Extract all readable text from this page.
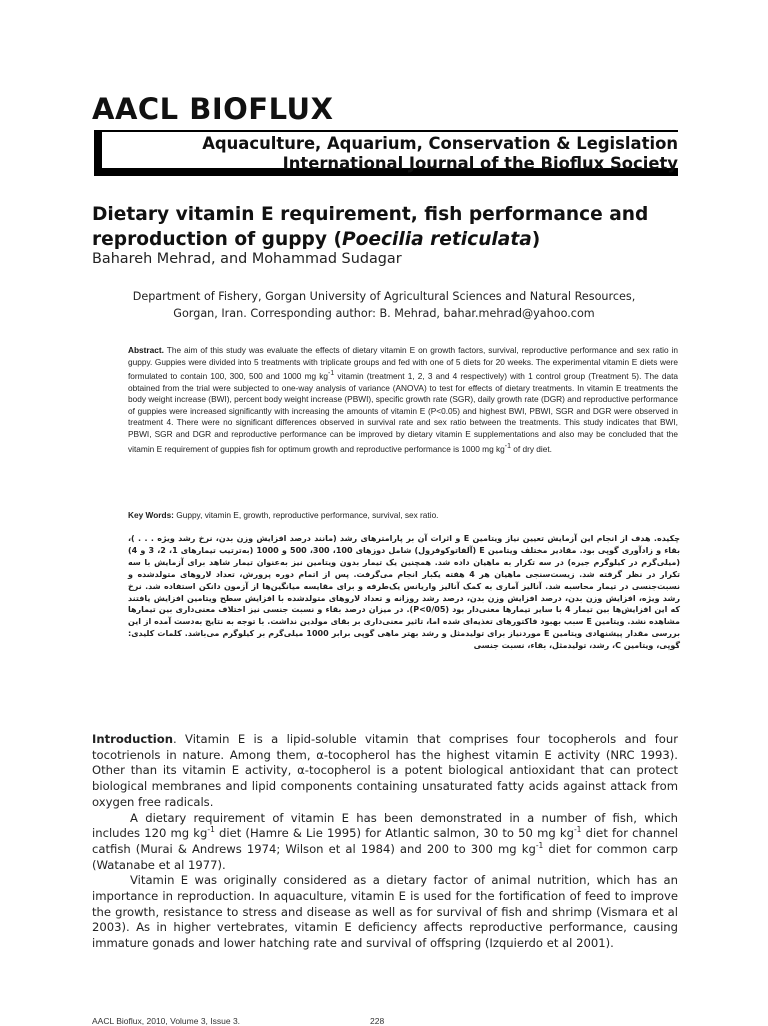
AACL BIOFLUX
Aquaculture, Aquarium, Conservation & Legislation
International Journal of the Bioflux Society
Dietary vitamin E requirement, fish performance and reproduction of guppy (Poecilia reticulata)
Bahareh Mehrad, and Mohammad Sudagar
Department of Fishery, Gorgan University of Agricultural Sciences and Natural Resources,
Gorgan, Iran. Corresponding author: B. Mehrad, bahar.mehrad@yahoo.com
Abstract. The aim of this study was evaluate the effects of dietary vitamin E on growth factors, survival, reproductive performance and sex ratio in guppy. Guppies were divided into 5 treatments with triplicate groups and fed with one of 5 diets for 20 weeks. The experimental vitamin E diets were formulated to contain 100, 300, 500 and 1000 mg $kg^{-1}$ vitamin (treatment 1, 2, 3 and 4 respectively) with 1 control group (Treatment 5). The data obtained from the trial were subjected to one-way analysis of variance (ANOVA) to test for effects of dietary treatments. In vitamin E treatments the body weight increase (BWI), percent body weight increase (PBWI), specific growth rate (SGR), daily growth rate (DGR) and reproductive performance of guppies were increased significantly with increasing the amounts of vitamin E (P<0.05) and highest BWI, PBWI, SGR and DGR were observed in treatment 4. There were no significant differences observed in survival rate and sex ratio between the treatments. This study indicates that BWI, PBWI, SGR and DGR and reproductive performance can be improved by dietary vitamin E supplementations and also may be concluded that the vitamin E requirement of guppies fish for optimum growth and reproductive performance is 1000 mg $kg^{-1}$ of dry diet.
Key Words: Guppy, vitamin E, growth, reproductive performance, survival, sex ratio.
چکیده. هدف از انجام این آزمایش تعیین نیاز ویتامین E و اثرات آن بر پارامترهای رشد (مانند درصد افزایش وزن بدن، نرخ رشد ویژه . . . )، بقاء و زادآوری گوپی بود. مقادیر مختلف ویتامین E (آلفاتوکوفرول) شامل دوزهای 100، 300، 500 و 1000 (به‌ترتیب تیمارهای 1، 2، 3 و 4) (میلی‌گرم در کیلوگرم جیره) در سه تکرار به ماهیان داده شد. همچنین یک تیمار بدون ویتامین نیز به‌عنوان تیمار شاهد برای آزمایش با سه تکرار در نظر گرفته شد. زیست‌سنجی ماهیان هر 4 هفته یکبار انجام می‌گرفت. پس از اتمام دوره پرورش، تعداد لاروهای متولدشده و نسبت‌جنسی در تیمار محاسبه شد. آنالیز آماری به کمک آنالیز واریانس یک‌طرفه و برای مقایسه میانگین‌ها از آزمون دانکن استفاده شد. نرخ رشد ویژه، افزایش وزن بدن، درصد افزایش وزن بدن، درصد رشد روزانه و تعداد لاروهای متولدشده با افزایش سطح ویتامین افزایش یافتند که این افزایش‌ها بین تیمار 4 با سایر تیمارها معنی‌دار بود (P<0/05). در میزان درصد بقاء و نسبت جنسی نیز اختلاف معنی‌داری بین تیمارها مشاهده نشد. ویتامین E سبب بهبود فاکتورهای تغذیه‌ای شده اما، تاثیر معنی‌داری بر بقای مولدین نداشت. با توجه به نتایج به‌دست آمده از این بررسی مقدار پیشنهادی ویتامین E موردنیاز برای تولیدمثل و رشد بهتر ماهی گوپی برابر 1000 میلی‌گرم بر کیلوگرم می‌باشد. کلمات کلیدی: گوپی، ویتامین C، رشد، تولیدمثل، بقاء، نسبت جنسی

Introduction. Vitamin E is a lipid-soluble vitamin that comprises four tocopherols and four tocotrienols in nature. Among them, α-tocopherol has the highest vitamin E activity (NRC 1993). Other than its vitamin E activity, α-tocopherol is a potent biological antioxidant that can protect biological membranes and lipid components containing unsaturated fatty acids against attack from oxygen free radicals.

A dietary requirement of vitamin E has been demonstrated in a number of fish, which includes 120 mg $kg^{-1}$ diet (Hamre & Lie 1995) for Atlantic salmon, 30 to 50 mg $kg^{-1}$ diet for channel catfish (Murai & Andrews 1974; Wilson et al 1984) and 200 to 300 mg $kg^{-1}$ diet for common carp (Watanabe et al 1977).

Vitamin E was originally considered as a dietary factor of animal nutrition, which has an importance in reproduction. In aquaculture, vitamin E is used for the fortification of feed to improve the growth, resistance to stress and disease as well as for survival of fish and shrimp (Vismara et al 2003). As in higher vertebrates, vitamin E deficiency affects reproductive performance, causing immature gonads and lower hatching rate and survival of offspring (Izquierdo et al 2001).

AACL Bioflux, 2010, Volume 3, Issue 3.	228
